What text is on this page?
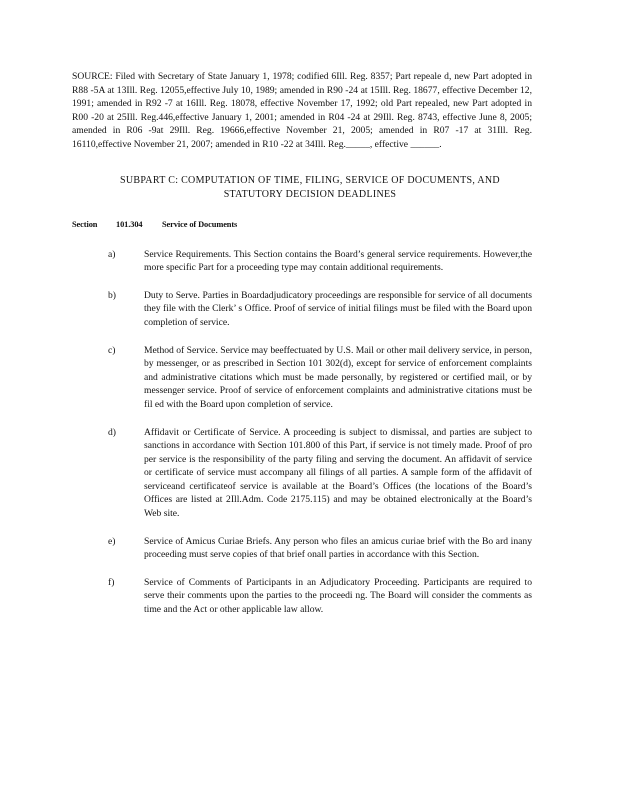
SOURCE: Filed with Secretary of State January 1, 1978; codified 6Ill. Reg. 8357; Part repeale d, new Part adopted in R88 -5A at 13Ill. Reg. 12055,effective July 10, 1989; amended in R90 -24 at 15Ill. Reg. 18677, effective December 12, 1991; amended in R92 -7 at 16Ill. Reg. 18078, effective November 17, 1992; old Part repealed, new Part adopted in R00 -20 at 25Ill. Reg.446,effective January 1, 2001; amended in R04 -24 at 29Ill. Reg. 8743, effective June 8, 2005; amended in R06 -9at 29Ill. Reg. 19666,effective November 21, 2005; amended in R07 -17 at 31Ill. Reg. 16110,effective November 21, 2007; amended in R10 -22 at 34Ill. Reg._____, effective ______.

SUBPART C: COMPUTATION OF TIME, FILING, SERVICE OF DOCUMENTS, AND
STATUTORY DECISION DEADLINES
Section 101.304 Service of Documents
a)	Service Requirements. This Section contains the Board’s general service requirements. However,the more specific Part for a proceeding type may contain additional requirements.

b)	Duty to Serve. Parties in Boardadjudicatory proceedings are responsible for service of all documents they file with the Clerk’ s Office. Proof of service of initial filings must be filed with the Board upon completion of service.

c)	Method of Service. Service may beeffectuated by U.S. Mail or other mail delivery service, in person, by messenger, or as prescribed in Section 101 302(d), except for service of enforcement complaints and administrative citations which must be made personally, by registered or certified mail, or by messenger service. Proof of service of enforcement complaints and administrative citations must be fil ed with the Board upon completion of service.

d)	Affidavit or Certificate of Service. A proceeding is subject to dismissal, and parties are subject to sanctions in accordance with Section 101.800 of this Part, if service is not timely made. Proof of pro per service is the responsibility of the party filing and serving the document. An affidavit of service or certificate of service must accompany all filings of all parties. A sample form of the affidavit of serviceand certificateof service is available at the Board’s Offices (the locations of the Board’s Offices are listed at 2Ill.Adm. Code 2175.115) and may be obtained electronically at the Board’s Web site.

e)	Service of Amicus Curiae Briefs. Any person who files an amicus curiae brief with the Bo ard inany proceeding must serve copies of that brief onall parties in accordance with this Section.

f)	Service of Comments of Participants in an Adjudicatory Proceeding. Participants are required to serve their comments upon the parties to the proceedi ng. The Board will consider the comments as time and the Act or other applicable law allow.
